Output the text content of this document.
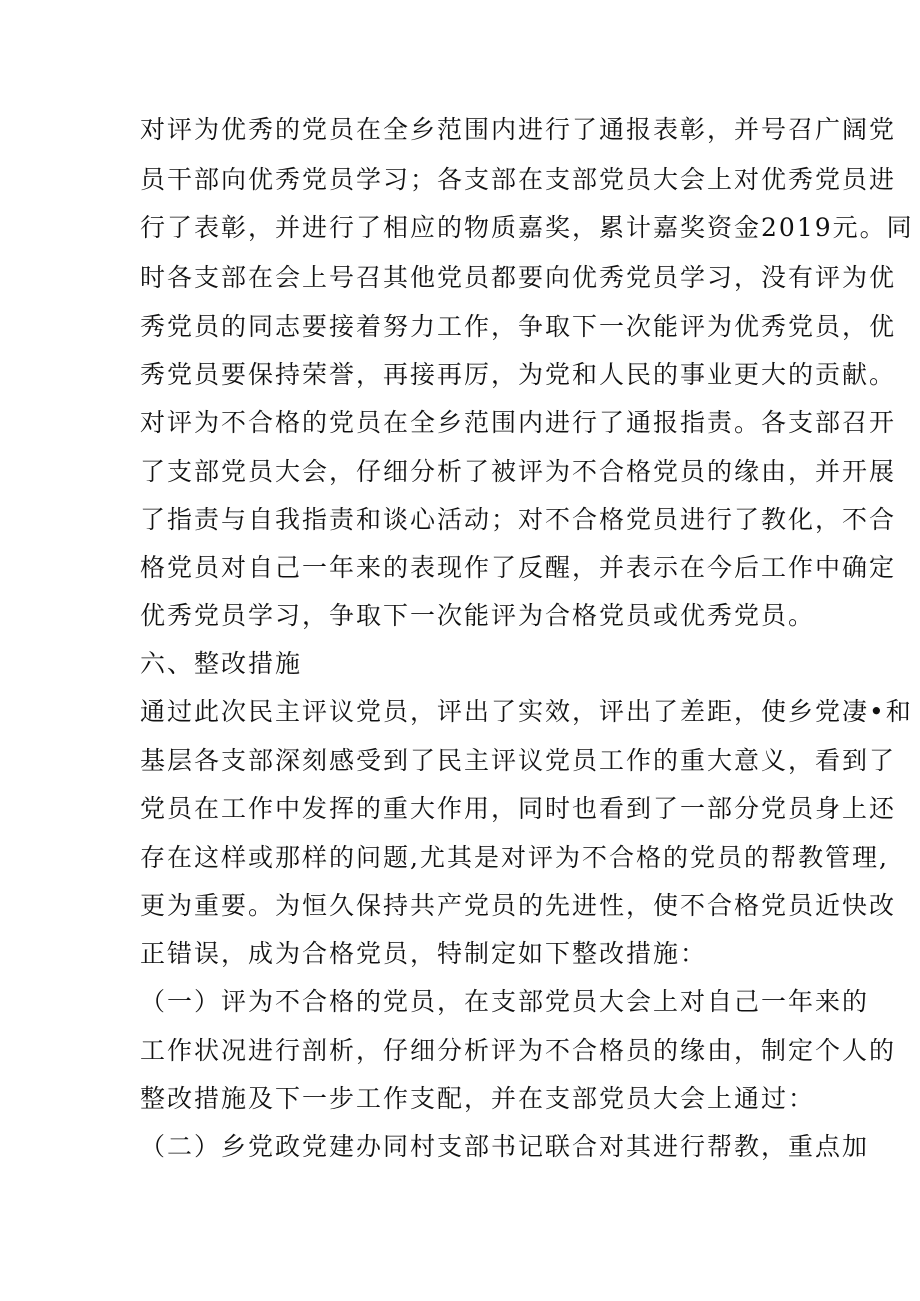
对评为优秀的党员在全乡范围内进行了通报表彰，并号召广阔党
员干部向优秀党员学习；各支部在支部党员大会上对优秀党员进
行了表彰，并进行了相应的物质嘉奖，累计嘉奖资金2019元。同
时各支部在会上号召其他党员都要向优秀党员学习，没有评为优
秀党员的同志要接着努力工作，争取下一次能评为优秀党员，优
秀党员要保持荣誉，再接再厉，为党和人民的事业更大的贡献。
对评为不合格的党员在全乡范围内进行了通报指责。各支部召开
了支部党员大会，仔细分析了被评为不合格党员的缘由，并开展
了指责与自我指责和谈心活动；对不合格党员进行了教化，不合
格党员对自己一年来的表现作了反醒，并表示在今后工作中确定
优秀党员学习，争取下一次能评为合格党员或优秀党员。
六、整改措施
通过此次民主评议党员，评出了实效，评出了差距，使乡党凄•和
基层各支部深刻感受到了民主评议党员工作的重大意义，看到了
党员在工作中发挥的重大作用，同时也看到了一部分党员身上还
存在这样或那样的问题,尤其是对评为不合格的党员的帮教管理,
更为重要。为恒久保持共产党员的先进性，使不合格党员近快改
正错误，成为合格党员，特制定如下整改措施：
（一）评为不合格的党员，在支部党员大会上对自己一年来的
工作状况进行剖析，仔细分析评为不合格员的缘由，制定个人的
整改措施及下一步工作支配，并在支部党员大会上通过：
（二）乡党政党建办同村支部书记联合对其进行帮教，重点加
